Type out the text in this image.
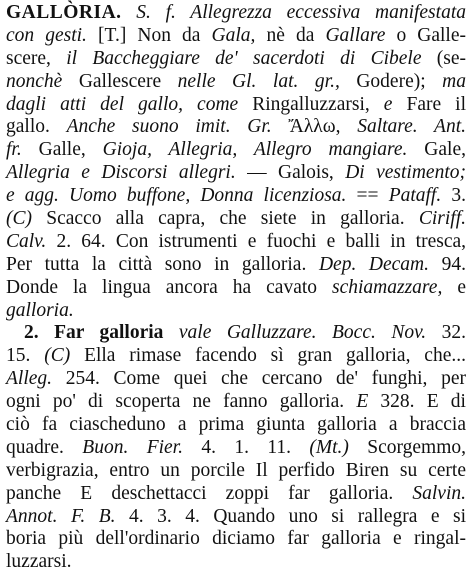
GALLÒRIA. S. f. Allegrezza eccessiva manifestata
con gesti. [T.] Non da Gala, nè da Gallare o Galle-
scere, il Baccheggiare de' sacerdoti di Cibele (se-
nonchè Gallescere nelle Gl. lat. gr., Godere); ma
dagli atti del gallo, come Ringalluzzarsi, e Fare il
gallo. Anche suono imit. Gr. Ἄλλω, Saltare. Ant.
fr. Galle, Gioja, Allegria, Allegro mangiare. Gale,
Allegria e Discorsi allegri. — Galois, Di vestimento;
e agg. Uomo buffone, Donna licenziosa. == Pataff. 3.
(C) Scacco alla capra, che siete in galloria. Ciriff.
Calv. 2. 64. Con istrumenti e fuochi e balli in tresca,
Per tutta la città sono in galloria. Dep. Decam. 94.
Donde la lingua ancora ha cavato schiamazzare, e
galloria.
2. Far galloria vale Galluzzare. Bocc. Nov. 32.
15. (C) Ella rimase facendo sì gran galloria, che...
Alleg. 254. Come quei che cercano de' funghi, per
ogni po' di scoperta ne fanno galloria. E 328. E di
ciò fa ciascheduno a prima giunta galloria a braccia
quadre. Buon. Fier. 4. 1. 11. (Mt.) Scorgemmo,
verbigrazia, entro un porcile Il perfido Biren su certe
panche E deschettacci zoppi far galloria. Salvin.
Annot. F. B. 4. 3. 4. Quando uno si rallegra e si
boria più dell'ordinario diciamo far galloria e ringal-
luzzarsi.
